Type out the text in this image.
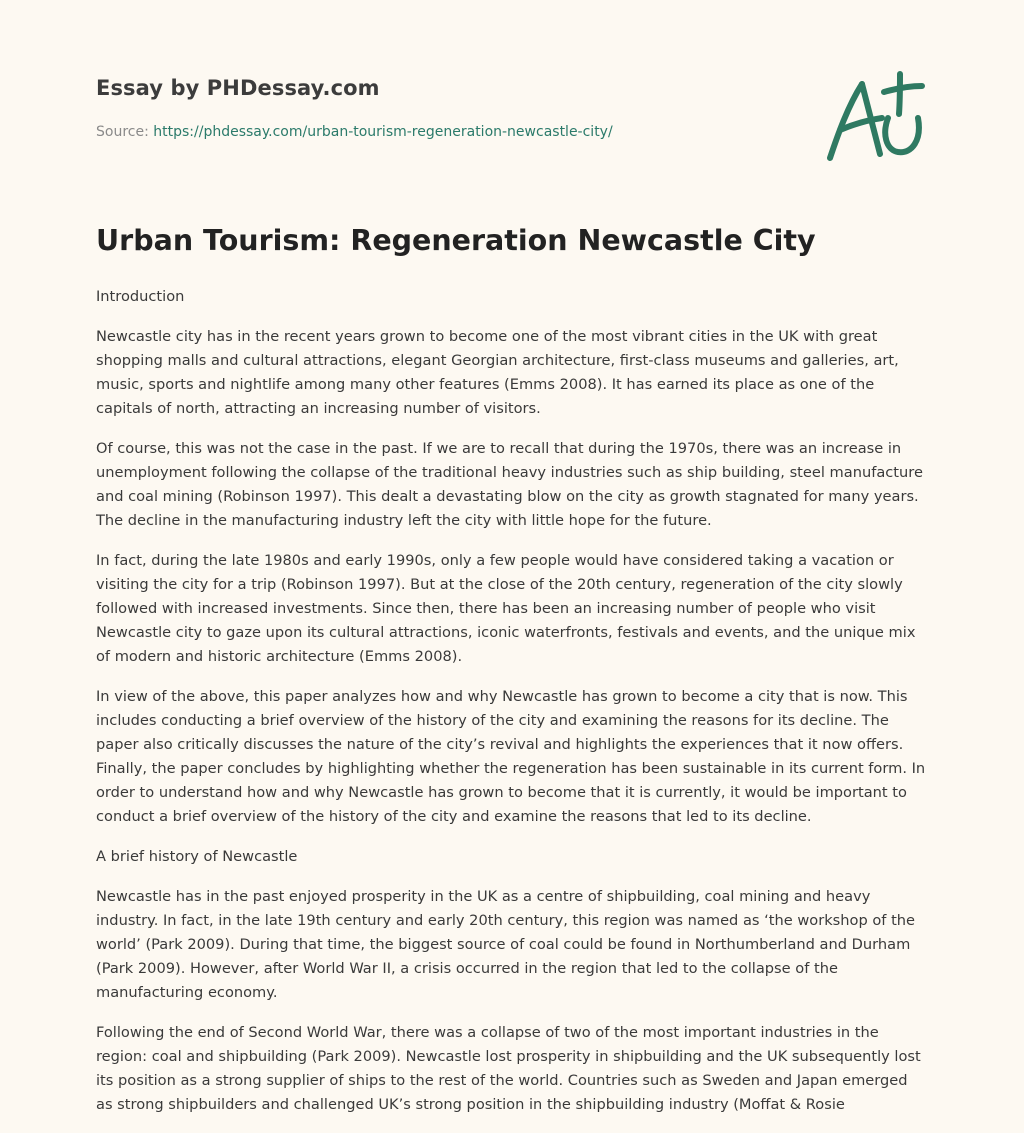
Essay by PHDessay.com
Source: https://phdessay.com/urban-tourism-regeneration-newcastle-city/
Urban Tourism: Regeneration Newcastle City

Introduction

Newcastle city has in the recent years grown to become one of the most vibrant cities in the UK with great shopping malls and cultural attractions, elegant Georgian architecture, first-class museums and galleries, art, music, sports and nightlife among many other features (Emms 2008). It has earned its place as one of the capitals of north, attracting an increasing number of visitors.

Of course, this was not the case in the past. If we are to recall that during the 1970s, there was an increase in unemployment following the collapse of the traditional heavy industries such as ship building, steel manufacture and coal mining (Robinson 1997). This dealt a devastating blow on the city as growth stagnated for many years. The decline in the manufacturing industry left the city with little hope for the future.

In fact, during the late 1980s and early 1990s, only a few people would have considered taking a vacation or visiting the city for a trip (Robinson 1997). But at the close of the 20th century, regeneration of the city slowly followed with increased investments. Since then, there has been an increasing number of people who visit Newcastle city to gaze upon its cultural attractions, iconic waterfronts, festivals and events, and the unique mix of modern and historic architecture (Emms 2008).

In view of the above, this paper analyzes how and why Newcastle has grown to become a city that is now. This includes conducting a brief overview of the history of the city and examining the reasons for its decline. The paper also critically discusses the nature of the city’s revival and highlights the experiences that it now offers. Finally, the paper concludes by highlighting whether the regeneration has been sustainable in its current form. In order to understand how and why Newcastle has grown to become that it is currently, it would be important to conduct a brief overview of the history of the city and examine the reasons that led to its decline.

A brief history of Newcastle

Newcastle has in the past enjoyed prosperity in the UK as a centre of shipbuilding, coal mining and heavy industry. In fact, in the late 19th century and early 20th century, this region was named as ‘the workshop of the world’ (Park 2009). During that time, the biggest source of coal could be found in Northumberland and Durham (Park 2009). However, after World War II, a crisis occurred in the region that led to the collapse of the manufacturing economy.

Following the end of Second World War, there was a collapse of two of the most important industries in the region: coal and shipbuilding (Park 2009). Newcastle lost prosperity in shipbuilding and the UK subsequently lost its position as a strong supplier of ships to the rest of the world. Countries such as Sweden and Japan emerged as strong shipbuilders and challenged UK’s strong position in the shipbuilding industry (Moffat & Rosie
